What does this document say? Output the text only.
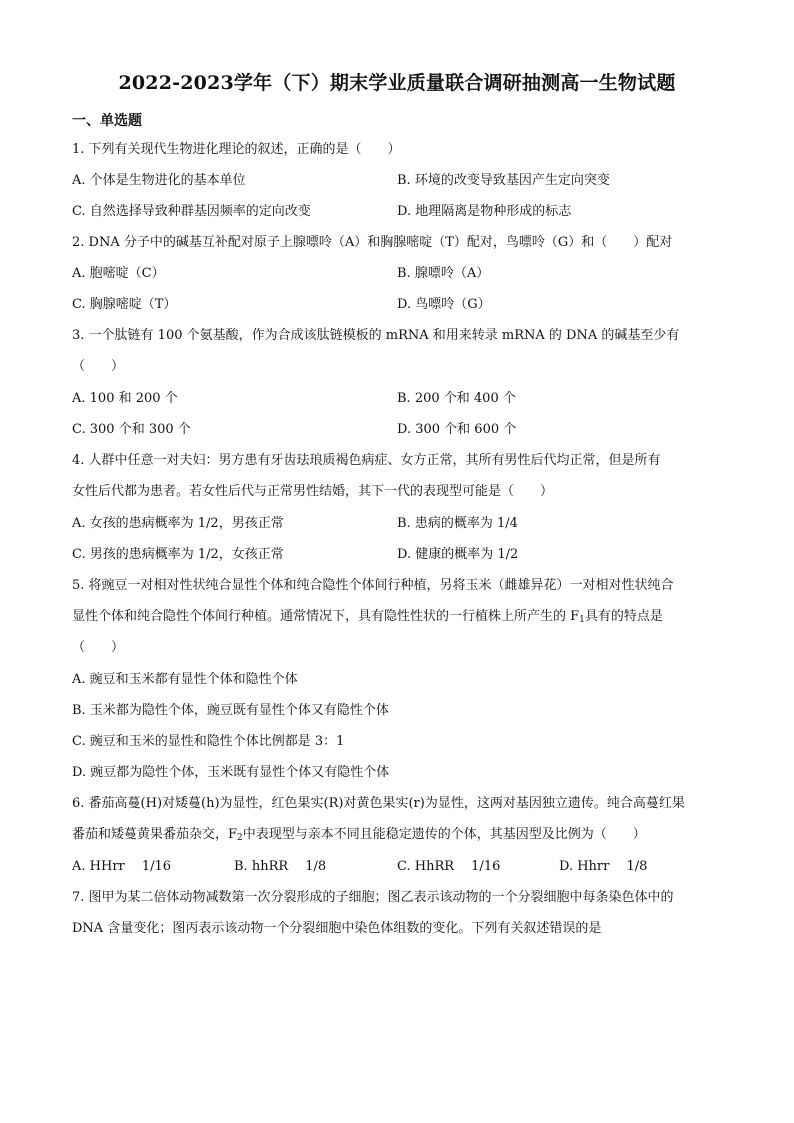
2022-2023学年（下）期末学业质量联合调研抽测高一生物试题
一、单选题
1. 下列有关现代生物进化理论的叙述，正确的是（　　）
A. 个体是生物进化的基本单位	B. 环境的改变导致基因产生定向突变
C. 自然选择导致种群基因频率的定向改变	D. 地理隔离是物种形成的标志
2. DNA 分子中的碱基互补配对原子上腺嘌呤（A）和胸腺嘧啶（T）配对，鸟嘌呤（G）和（　　）配对
A. 胞嘧啶（C）	B. 腺嘌呤（A）
C. 胸腺嘧啶（T）	D. 鸟嘌呤（G）
3. 一个肽链有 100 个氨基酸，作为合成该肽链模板的 mRNA 和用来转录 mRNA 的 DNA 的碱基至少有
（　　）
A. 100 和 200 个	B. 200 个和 400 个
C. 300 个和 300 个	D. 300 个和 600 个
4. 人群中任意一对夫妇：男方患有牙齿珐琅质褐色病症、女方正常，其所有男性后代均正常，但是所有
女性后代都为患者。若女性后代与正常男性结婚，其下一代的表现型可能是（　　）
A. 女孩的患病概率为 1/2，男孩正常	B. 患病的概率为 1/4
C. 男孩的患病概率为 1/2，女孩正常	D. 健康的概率为 1/2
5. 将豌豆一对相对性状纯合显性个体和纯合隐性个体间行种植，另将玉米（雌雄异花）一对相对性状纯合
显性个体和纯合隐性个体间行种植。通常情况下，具有隐性性状的一行植株上所产生的 $F_1$具有的特点是
（　　）
A. 豌豆和玉米都有显性个体和隐性个体
B. 玉米都为隐性个体，豌豆既有显性个体又有隐性个体
C. 豌豆和玉米的显性和隐性个体比例都是 3：1
D. 豌豆都为隐性个体，玉米既有显性个体又有隐性个体
6. 番茄高蔓(H)对矮蔓(h)为显性，红色果实(R)对黄色果实(r)为显性，这两对基因独立遗传。纯合高蔓红果
番茄和矮蔓黄果番茄杂交，$F_2$中表现型与亲本不同且能稳定遗传的个体，其基因型及比例为（　　）
A. HHrr　 1/16	B. hhRR　 1/8	C. HhRR　 1/16	D. Hhrr　 1/8
7. 图甲为某二倍体动物减数第一次分裂形成的子细胞；图乙表示该动物的一个分裂细胞中每条染色体中的
DNA 含量变化；图丙表示该动物一个分裂细胞中染色体组数的变化。下列有关叙述错误的是
